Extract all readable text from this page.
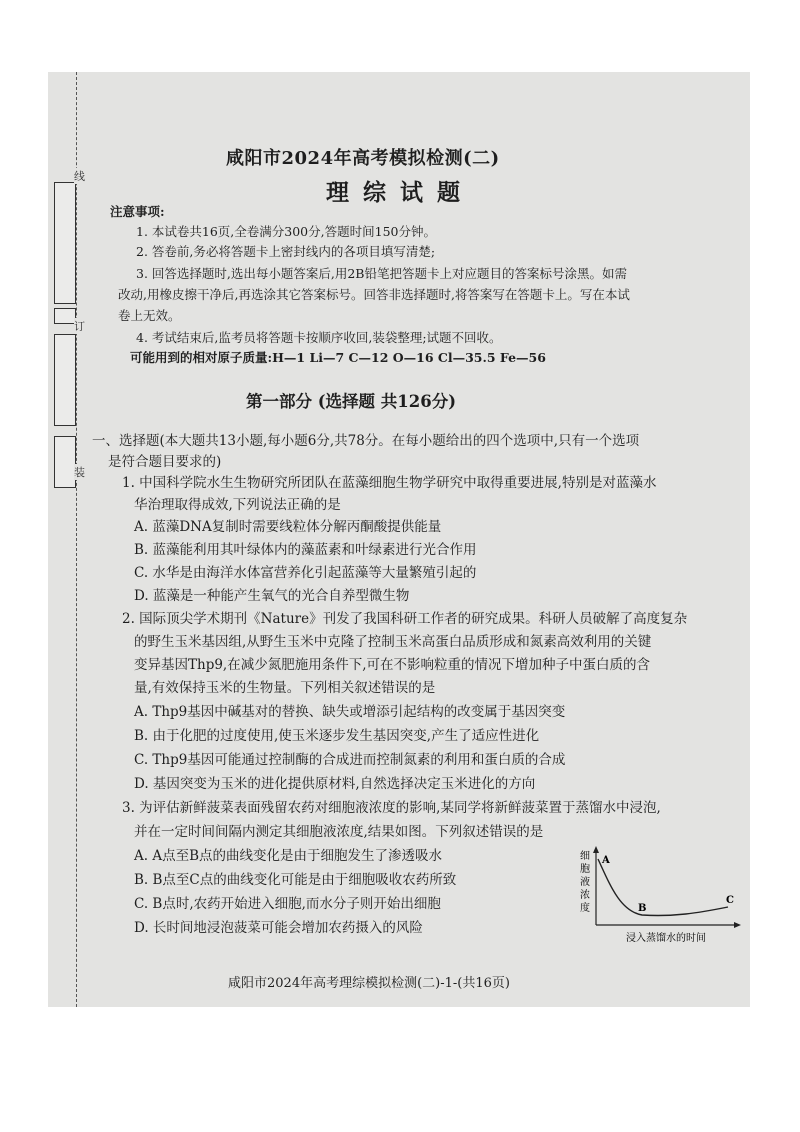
线
订
装
咸阳市2024年高考模拟检测(二)
理综试题
注意事项:
1. 本试卷共16页,全卷满分300分,答题时间150分钟。
2. 答卷前,务必将答题卡上密封线内的各项目填写清楚;
3. 回答选择题时,选出每小题答案后,用2B铅笔把答题卡上对应题目的答案标号涂黑。如需
改动,用橡皮擦干净后,再选涂其它答案标号。回答非选择题时,将答案写在答题卡上。写在本试
卷上无效。
4. 考试结束后,监考员将答题卡按顺序收回,装袋整理;试题不回收。
可能用到的相对原子质量:H—1 Li—7 C—12 O—16 Cl—35.5 Fe—56
第一部分 (选择题 共126分)
一、选择题(本大题共13小题,每小题6分,共78分。在每小题给出的四个选项中,只有一个选项
是符合题目要求的)
1. 中国科学院水生生物研究所团队在蓝藻细胞生物学研究中取得重要进展,特别是对蓝藻水
华治理取得成效,下列说法正确的是
A. 蓝藻DNA复制时需要线粒体分解丙酮酸提供能量
B. 蓝藻能利用其叶绿体内的藻蓝素和叶绿素进行光合作用
C. 水华是由海洋水体富营养化引起蓝藻等大量繁殖引起的
D. 蓝藻是一种能产生氧气的光合自养型微生物
2. 国际顶尖学术期刊《Nature》刊发了我国科研工作者的研究成果。科研人员破解了高度复杂
的野生玉米基因组,从野生玉米中克隆了控制玉米高蛋白品质形成和氮素高效利用的关键
变异基因Thp9,在减少氮肥施用条件下,可在不影响粒重的情况下增加种子中蛋白质的含
量,有效保持玉米的生物量。下列相关叙述错误的是
A. Thp9基因中碱基对的替换、缺失或增添引起结构的改变属于基因突变
B. 由于化肥的过度使用,使玉米逐步发生基因突变,产生了适应性进化
C. Thp9基因可能通过控制酶的合成进而控制氮素的利用和蛋白质的合成
D. 基因突变为玉米的进化提供原材料,自然选择决定玉米进化的方向
3. 为评估新鲜菠菜表面残留农药对细胞液浓度的影响,某同学将新鲜菠菜置于蒸馏水中浸泡,
并在一定时间间隔内测定其细胞液浓度,结果如图。下列叙述错误的是
A. A点至B点的曲线变化是由于细胞发生了渗透吸水
B. B点至C点的曲线变化可能是由于细胞吸收农药所致
C. B点时,农药开始进入细胞,而水分子则开始出细胞
D. 长时间地浸泡菠菜可能会增加农药摄入的风险
细
胞
液
浓
度
A
B
C
浸入蒸馏水的时间
咸阳市2024年高考理综模拟检测(二)-1-(共16页)
